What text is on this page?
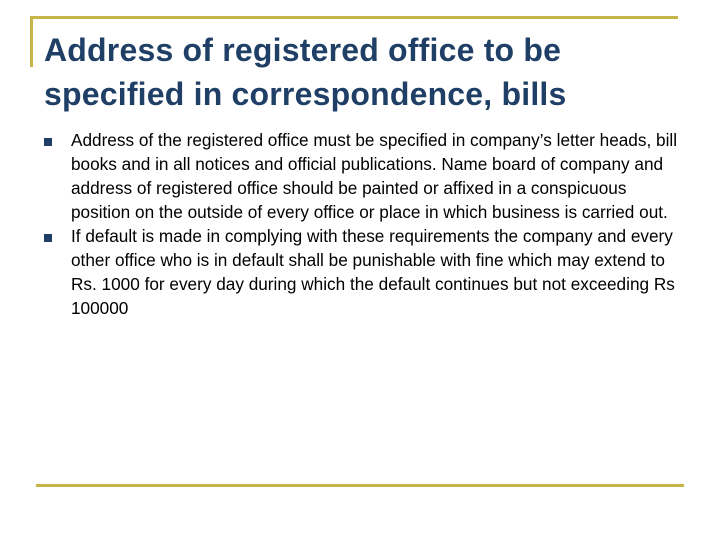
Address of registered office to be specified in correspondence, bills
Address of the registered office must be specified in company’s letter heads, bill books and in all notices and official publications. Name board of company and address of registered office should be painted or affixed in a conspicuous position on the outside of every office or place in which business is carried out.
If default is made in complying with these requirements the company and every other office who is in default shall be punishable with fine which may extend to Rs. 1000 for every day during which the default continues but not exceeding Rs 100000
